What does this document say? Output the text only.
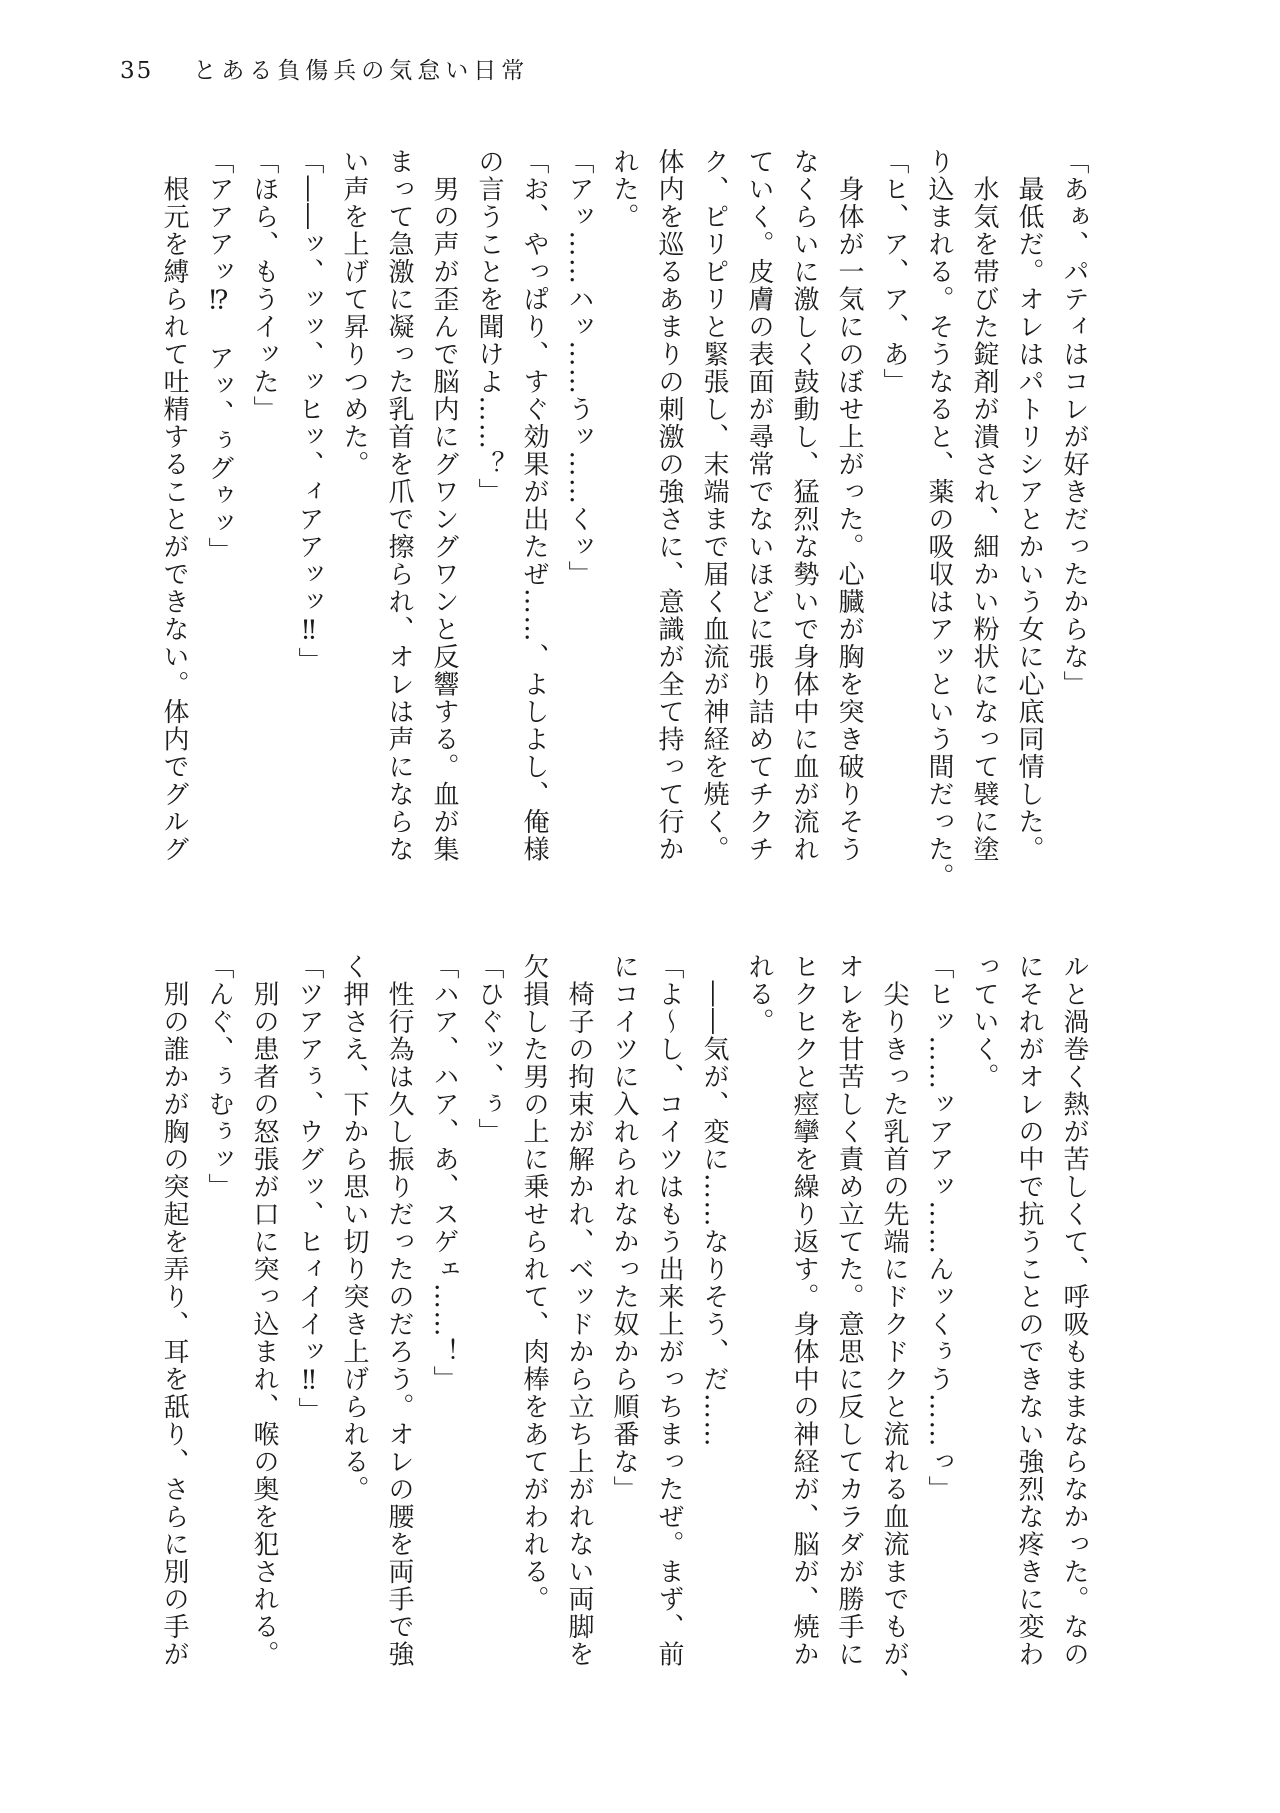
35 とある負傷兵の気怠い日常

「あぁ、パティはコレが好きだったからな」

　最低だ。オレはパトリシアとかいう女に心底同情した。

　水気を帯びた錠剤が潰され、細かい粉状になって襞に塗

り込まれる。そうなると、薬の吸収はアッという間だった。

「ヒ、ア、ア、あ」

　身体が一気にのぼせ上がった。心臓が胸を突き破りそう

なくらいに激しく鼓動し、猛烈な勢いで身体中に血が流れ

ていく。皮膚の表面が尋常でないほどに張り詰めてチクチ

ク、ピリピリと緊張し、末端まで届く血流が神経を焼く。

体内を巡るあまりの刺激の強さに、意識が全て持って行か

れた。

「アッ……ハッ……うッ……くッ」

「お、やっぱり、すぐ効果が出たぜ……、よしよし、俺様

の言うことを聞けよ……？」

　男の声が歪んで脳内にグワングワンと反響する。血が集

まって急激に凝った乳首を爪で擦られ、オレは声にならな

い声を上げて昇りつめた。

「――ッ、ッッ、ッヒッ、ィアアッッ‼」

「ほら、もうイッた」

「アアアッ⁉　アッ、ぅグゥッ」

　根元を縛られて吐精することができない。体内でグルグ

ルと渦巻く熱が苦しくて、呼吸もままならなかった。なの

にそれがオレの中で抗うことのできない強烈な疼きに変わ

っていく。

「ヒッ……ッアアッ……んッくぅう……っ」

　尖りきった乳首の先端にドクドクと流れる血流までもが、

オレを甘苦しく責め立てた。意思に反してカラダが勝手に

ヒクヒクと痙攣を繰り返す。身体中の神経が、脳が、焼か

れる。

　――気が、変に……なりそう、だ……

「よ〜し、コイツはもう出来上がっちまったぜ。まず、前

にコイツに入れられなかった奴から順番な」

　椅子の拘束が解かれ、ベッドから立ち上がれない両脚を

欠損した男の上に乗せられて、肉棒をあてがわれる。

「ひぐッ、ぅ」

「ハア、ハア、あ、スゲェ……！」

　性行為は久し振りだったのだろう。オレの腰を両手で強

く押さえ、下から思い切り突き上げられる。

「ツアアぅ、ウグッ、ヒィイイッ‼」

　別の患者の怒張が口に突っ込まれ、喉の奥を犯される。

「んぐ、ぅむぅッ」

　別の誰かが胸の突起を弄り、耳を舐り、さらに別の手が
